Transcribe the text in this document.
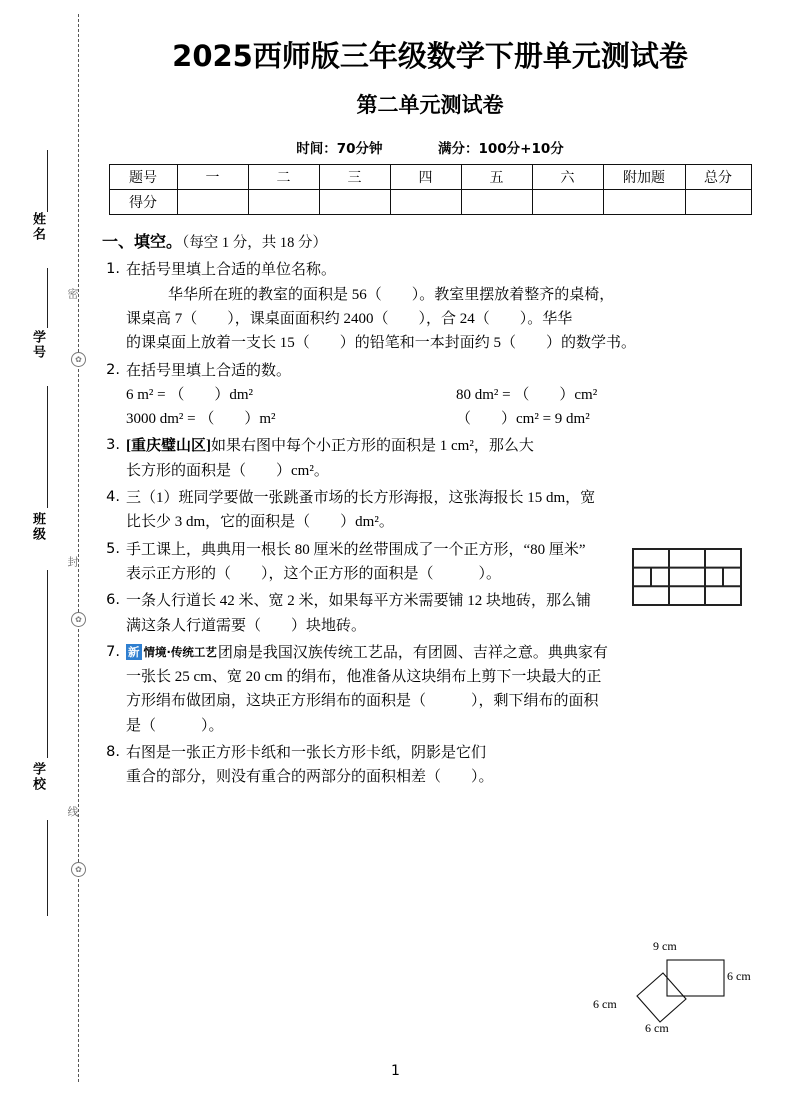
姓名
学号
班级
学校
密
✿
封
✿
线
✿
2025西师版三年级数学下册单元测试卷
第二单元测试卷
时间：70分钟	满分：100分+10分
题号	一	二	三	四	五	六	附加题	总分
得分								
一、填空。（每空 1 分，共 18 分）
1. 在括号里填上合适的单位名称。
华华所在班的教室的面积是 56（        ）。教室里摆放着整齐的桌椅，
课桌高 7（        ），课桌面面积约 2400（        ），合 24（        ）。华华
的课桌面上放着一支长 15（        ）的铅笔和一本封面约 5（        ）的数学书。
2. 在括号里填上合适的数。
6 m² = （        ）dm²	80 dm² = （        ）cm²
3000 dm² = （        ）m²	（        ）cm² = 9 dm²
3. [重庆璧山区]如果右图中每个小正方形的面积是 1 cm²，那么大
长方形的面积是（        ）cm²。
4. 三（1）班同学要做一张跳蚤市场的长方形海报，这张海报长 15 dm，宽
比长少 3 dm，它的面积是（        ）dm²。
5. 手工课上，典典用一根长 80 厘米的丝带围成了一个正方形，“80 厘米”
表示正方形的（        ），这个正方形的面积是（            ）。
6. 一条人行道长 42 米、宽 2 米，如果每平方米需要铺 12 块地砖，那么铺
满这条人行道需要（        ）块地砖。
7. 新 情境·传统工艺团扇是我国汉族传统工艺品，有团圆、吉祥之意。典典家有
一张长 25 cm、宽 20 cm 的绢布，他准备从这块绢布上剪下一块最大的正
方形绢布做团扇，这块正方形绢布的面积是（            ），剩下绢布的面积
是（            ）。
8. 右图是一张正方形卡纸和一张长方形卡纸，阴影是它们
重合的部分，则没有重合的两部分的面积相差（        ）。
9 cm
6 cm
6 cm
6 cm
1
